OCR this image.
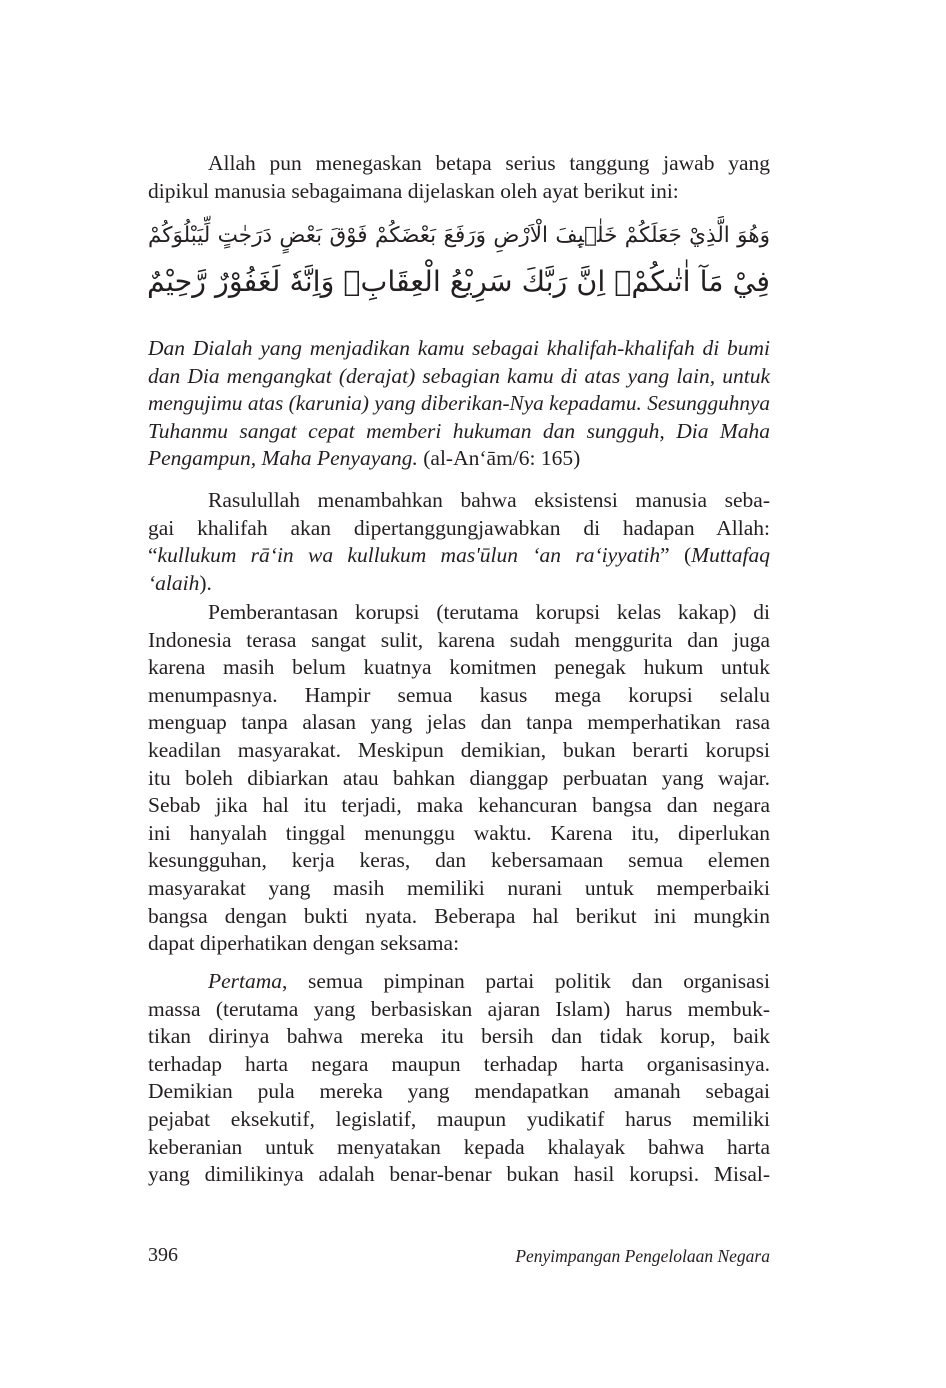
Allah pun menegaskan betapa serius tanggung jawab yang
dipikul manusia sebagaimana dijelaskan oleh ayat berikut ini:
وَهُوَ الَّذِيْ جَعَلَكُمْ خَلٰۤىِٕفَ الْاَرْضِ وَرَفَعَ بَعْضَكُمْ فَوْقَ بَعْضٍ دَرَجٰتٍ لِّيَبْلُوَكُمْ
فِيْ مَآ اٰتٰىكُمْۗ اِنَّ رَبَّكَ سَرِيْعُ الْعِقَابِۖ وَاِنَّهٗ لَغَفُوْرٌ رَّحِيْمٌ
Dan Dialah yang menjadikan kamu sebagai khalifah-khalifah di bumi
dan Dia mengangkat (derajat) sebagian kamu di atas yang lain, untuk
mengujimu atas (karunia) yang diberikan-Nya kepadamu. Sesungguhnya
Tuhanmu sangat cepat memberi hukuman dan sungguh, Dia Maha
Pengampun, Maha Penyayang. (al-An‘ām/6: 165)
Rasulullah menambahkan bahwa eksistensi manusia seba-
gai khalifah akan dipertanggungjawabkan di hadapan Allah:
“kullukum rā‘in wa kullukum mas'ūlun ‘an ra‘iyyatih” (Muttafaq
‘alaih).
Pemberantasan korupsi (terutama korupsi kelas kakap) di
Indonesia terasa sangat sulit, karena sudah menggurita dan juga
karena masih belum kuatnya komitmen penegak hukum untuk
menumpasnya. Hampir semua kasus mega korupsi selalu
menguap tanpa alasan yang jelas dan tanpa memperhatikan rasa
keadilan masyarakat. Meskipun demikian, bukan berarti korupsi
itu boleh dibiarkan atau bahkan dianggap perbuatan yang wajar.
Sebab jika hal itu terjadi, maka kehancuran bangsa dan negara
ini hanyalah tinggal menunggu waktu. Karena itu, diperlukan
kesungguhan, kerja keras, dan kebersamaan semua elemen
masyarakat yang masih memiliki nurani untuk memperbaiki
bangsa dengan bukti nyata. Beberapa hal berikut ini mungkin
dapat diperhatikan dengan seksama:
Pertama, semua pimpinan partai politik dan organisasi
massa (terutama yang berbasiskan ajaran Islam) harus membuk-
tikan dirinya bahwa mereka itu bersih dan tidak korup, baik
terhadap harta negara maupun terhadap harta organisasinya.
Demikian pula mereka yang mendapatkan amanah sebagai
pejabat eksekutif, legislatif, maupun yudikatif harus memiliki
keberanian untuk menyatakan kepada khalayak bahwa harta
yang dimilikinya adalah benar-benar bukan hasil korupsi. Misal-
396	Penyimpangan Pengelolaan Negara
